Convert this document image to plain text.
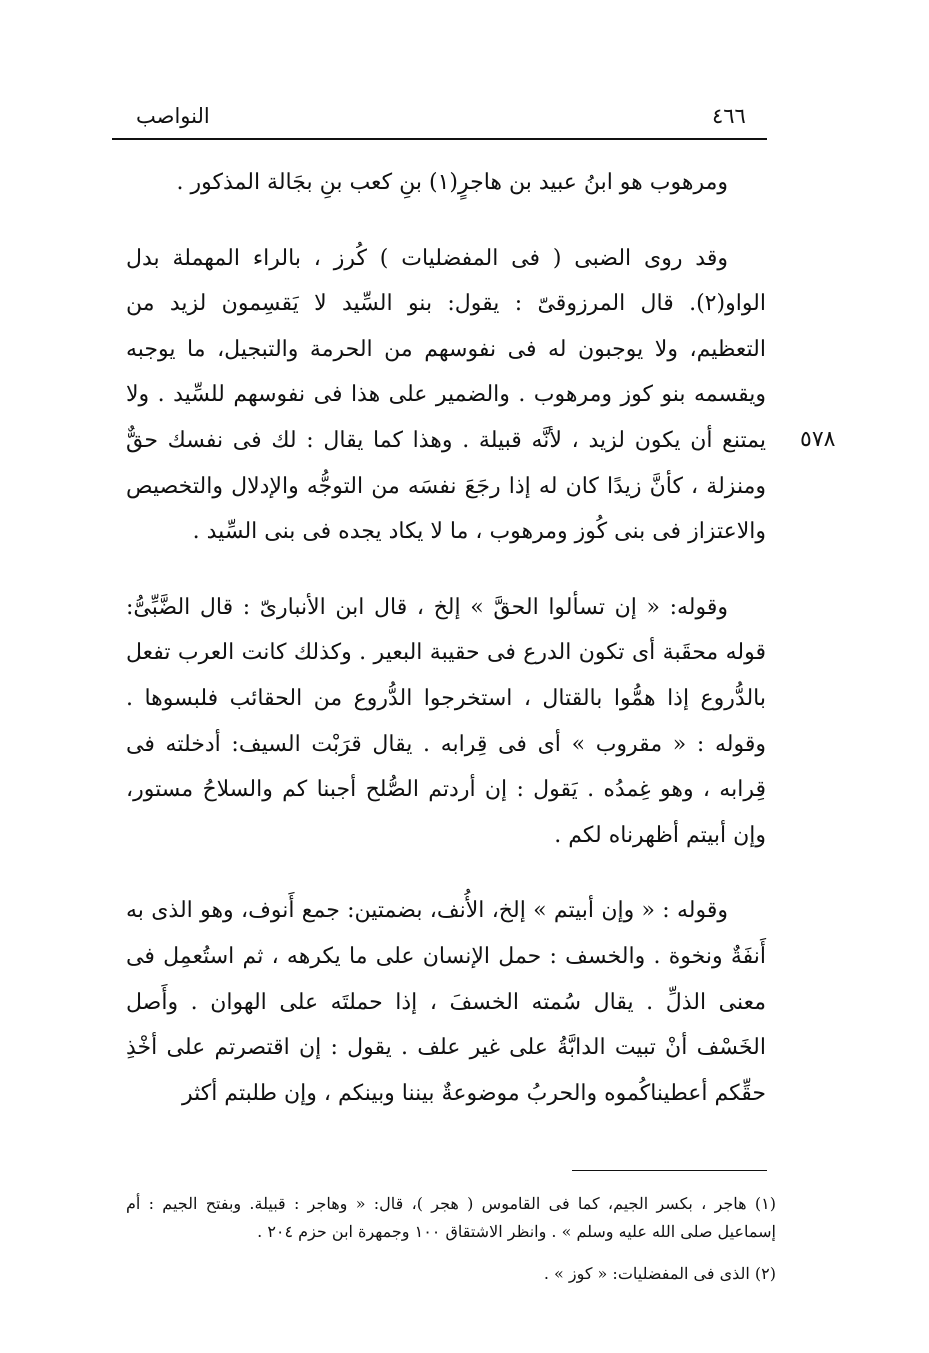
النواصب	٤٦٦
٥٧٨

ومرهوب هو ابنُ عبيد بن هاجرٍ(١) بنِ كعب بنِ بجَالة المذكور .

وقد روى الضبى ( فى المفضليات ) كُرز ، بالراء المهملة بدل الواو(٢). قال المرزوقىّ : يقول: بنو السِّيد لا يَقسِمون لزيد من التعظيم، ولا يوجبون له فى نفوسهم من الحرمة والتبجيل، ما يوجبه ويقسمه بنو كوز ومرهوب . والضمير على هذا فى نفوسهم للسِّيد . ولا يمتنع أن يكون لزيد ، لأنَّه قبيلة . وهذا كما يقال : لك فى نفسك حقٌّ ومنزلة ، كأنَّ زيدًا كان له إذا رجَعَ نفسَه من التوجُّه والإدلال والتخصيص والاعتزاز فى بنى كُوز ومرهوب ، ما لا يكاد يجده فى بنى السِّيد .

وقوله: « إن تسألوا الحقَّ » إلخ ، قال ابن الأنبارىّ : قال الضَّبِّىُّ: قوله محقَبة أى تكون الدرع فى حقيبة البعير . وكذلك كانت العرب تفعل بالدُّروع إذا همُّوا بالقتال ، استخرجوا الدُّروع من الحقائب فلبسوها . وقوله : « مقروب » أى فى قِرابه . يقال قرَبْت السيف: أدخلته فى قِرابه ، وهو غِمدُه . يَقول : إن أردتم الصُّلح أجبنا كم والسلاحُ مستور، وإن أبيتم أظهرناه لكم .

وقوله : « وإن أبيتم » إلخ، الأُنف، بضمتين: جمع أَنوف، وهو الذى به أَنفَةٌ ونخوة . والخسف : حمل الإنسان على ما يكرهه ، ثم استُعمِل فى معنى الذلِّ . يقال سُمته الخسفَ ، إذا حملتَه على الهوان . وأَصل الخَسْف أنْ تبيت الدابَّةُ على غير علف . يقول : إن اقتصرتم على أخْذِ حقِّكم أعطيناكُموه والحربُ موضوعةٌ بيننا وبينكم ، وإن طلبتم أكثر

(١) هاجر ، بكسر الجيم، كما فى القاموس ( هجر )، قال: « وهاجر : قبيلة. وبفتح الجيم : أم إسماعيل صلى الله عليه وسلم » . وانظر الاشتقاق ١٠٠ وجمهرة ابن حزم ٢٠٤ .

(٢) الذى فى المفضليات: « كوز » .
